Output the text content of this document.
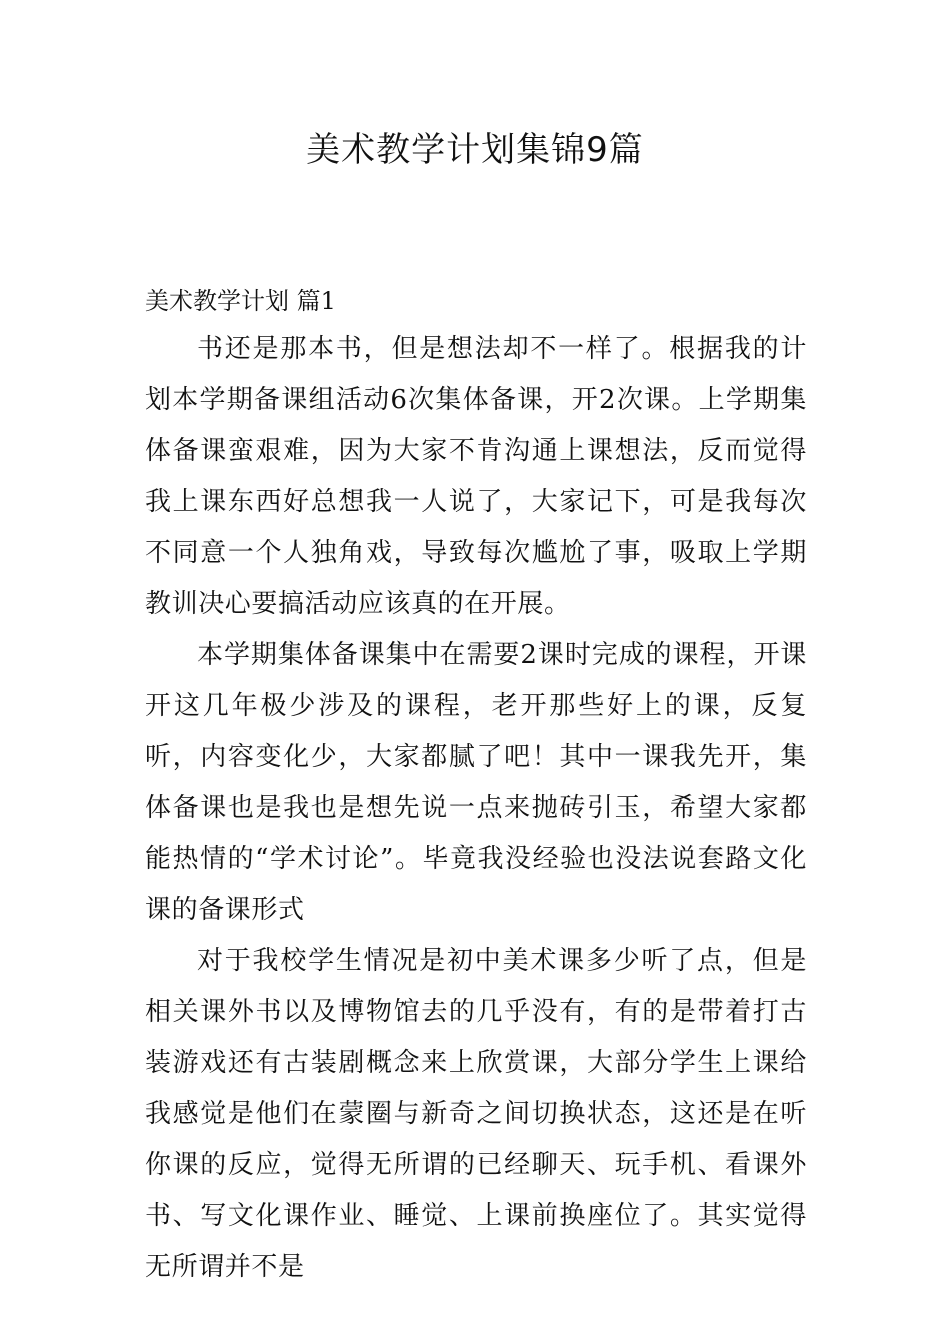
美术教学计划集锦9篇
美术教学计划 篇1

书还是那本书，但是想法却不一样了。根据我的计划本学期备课组活动6次集体备课，开2次课。上学期集体备课蛮艰难，因为大家不肯沟通上课想法，反而觉得我上课东西好总想我一人说了，大家记下，可是我每次不同意一个人独角戏，导致每次尴尬了事，吸取上学期教训决心要搞活动应该真的在开展。

本学期集体备课集中在需要2课时完成的课程，开课开这几年极少涉及的课程，老开那些好上的课，反复听，内容变化少，大家都腻了吧！其中一课我先开，集体备课也是我也是想先说一点来抛砖引玉，希望大家都能热情的“学术讨论”。毕竟我没经验也没法说套路文化课的备课形式

对于我校学生情况是初中美术课多少听了点，但是相关课外书以及博物馆去的几乎没有，有的是带着打古装游戏还有古装剧概念来上欣赏课，大部分学生上课给我感觉是他们在蒙圈与新奇之间切换状态，这还是在听你课的反应，觉得无所谓的已经聊天、玩手机、看课外书、写文化课作业、睡觉、上课前换座位了。其实觉得无所谓并不是
